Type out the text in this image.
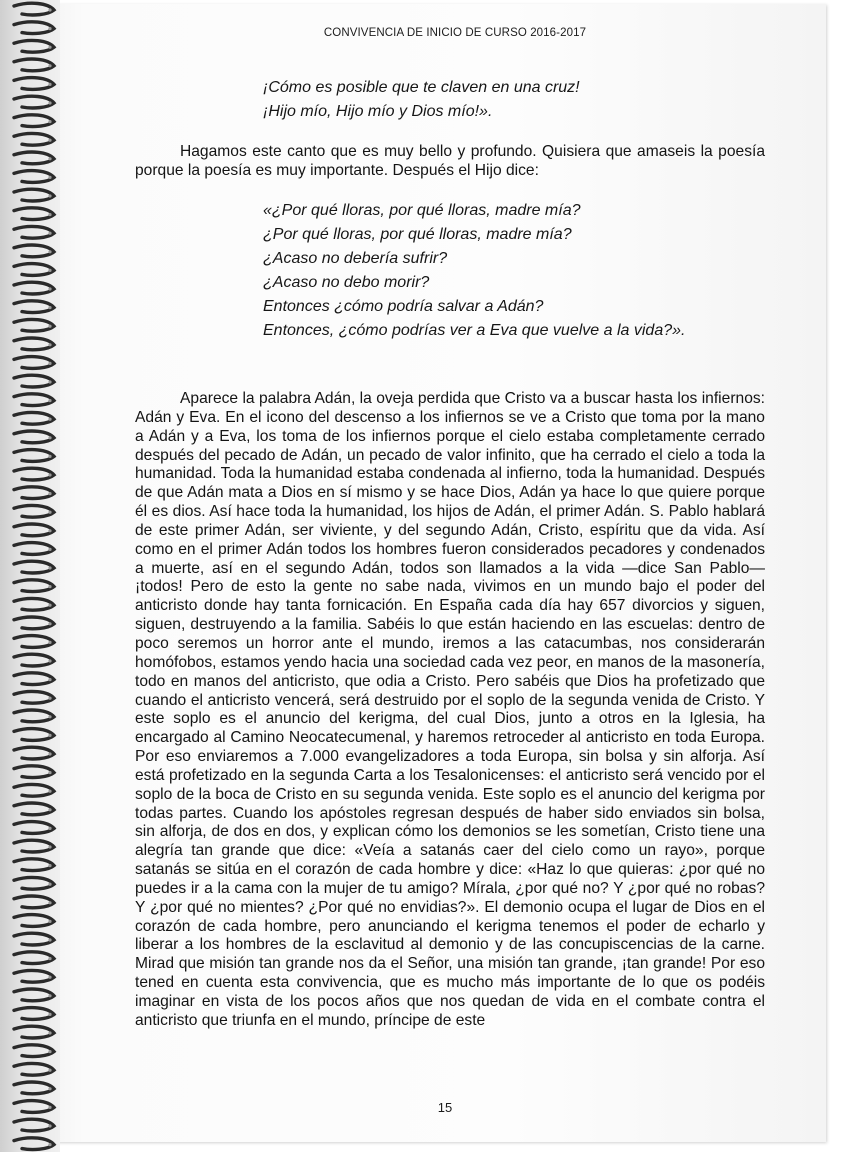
CONVIVENCIA DE INICIO DE CURSO 2016-2017
¡Cómo es posible que te claven en una cruz!
¡Hijo mío, Hijo mío y Dios mío!».
Hagamos este canto que es muy bello y profundo. Quisiera que amaseis la poesía porque la poesía es muy importante. Después el Hijo dice:
«¿Por qué lloras, por qué lloras, madre mía?
¿Por qué lloras, por qué lloras, madre mía?
¿Acaso no debería sufrir?
¿Acaso no debo morir?
Entonces ¿cómo podría salvar a Adán?
Entonces, ¿cómo podrías ver a Eva que vuelve a la vida?».
Aparece la palabra Adán, la oveja perdida que Cristo va a buscar hasta los infiernos: Adán y Eva. En el icono del descenso a los infiernos se ve a Cristo que toma por la mano a Adán y a Eva, los toma de los infiernos porque el cielo estaba completamente cerrado después del pecado de Adán, un pecado de valor infinito, que ha cerrado el cielo a toda la humanidad. Toda la humanidad estaba condenada al infierno, toda la humanidad. Después de que Adán mata a Dios en sí mismo y se hace Dios, Adán ya hace lo que quiere porque él es dios. Así hace toda la humanidad, los hijos de Adán, el primer Adán. S. Pablo hablará de este primer Adán, ser viviente, y del segundo Adán, Cristo, espíritu que da vida. Así como en el primer Adán todos los hombres fueron considerados pecadores y condenados a muerte, así en el segundo Adán, todos son llamados a la vida —dice San Pablo— ¡todos! Pero de esto la gente no sabe nada, vivimos en un mundo bajo el poder del anticristo donde hay tanta fornicación. En España cada día hay 657 divorcios y siguen, siguen, destruyendo a la familia. Sabéis lo que están haciendo en las escuelas: dentro de poco seremos un horror ante el mundo, iremos a las catacumbas, nos considerarán homófobos, estamos yendo hacia una sociedad cada vez peor, en manos de la masonería, todo en manos del anticristo, que odia a Cristo. Pero sabéis que Dios ha profetizado que cuando el anticristo vencerá, será destruido por el soplo de la segunda venida de Cristo. Y este soplo es el anuncio del kerigma, del cual Dios, junto a otros en la Iglesia, ha encargado al Camino Neocatecumenal, y haremos retroceder al anticristo en toda Europa. Por eso enviaremos a 7.000 evangelizadores a toda Europa, sin bolsa y sin alforja. Así está profetizado en la segunda Carta a los Tesalonicenses: el anticristo será vencido por el soplo de la boca de Cristo en su segunda venida. Este soplo es el anuncio del kerigma por todas partes. Cuando los apóstoles regresan después de haber sido enviados sin bolsa, sin alforja, de dos en dos, y explican cómo los demonios se les sometían, Cristo tiene una alegría tan grande que dice: «Veía a satanás caer del cielo como un rayo», porque satanás se sitúa en el corazón de cada hombre y dice: «Haz lo que quieras: ¿por qué no puedes ir a la cama con la mujer de tu amigo? Mírala, ¿por qué no? Y ¿por qué no robas? Y ¿por qué no mientes? ¿Por qué no envidias?». El demonio ocupa el lugar de Dios en el corazón de cada hombre, pero anunciando el kerigma tenemos el poder de echarlo y liberar a los hombres de la esclavitud al demonio y de las concupiscencias de la carne. Mirad que misión tan grande nos da el Señor, una misión tan grande, ¡tan grande! Por eso tened en cuenta esta convivencia, que es mucho más importante de lo que os podéis imaginar en vista de los pocos años que nos quedan de vida en el combate contra el anticristo que triunfa en el mundo, príncipe de este
15
